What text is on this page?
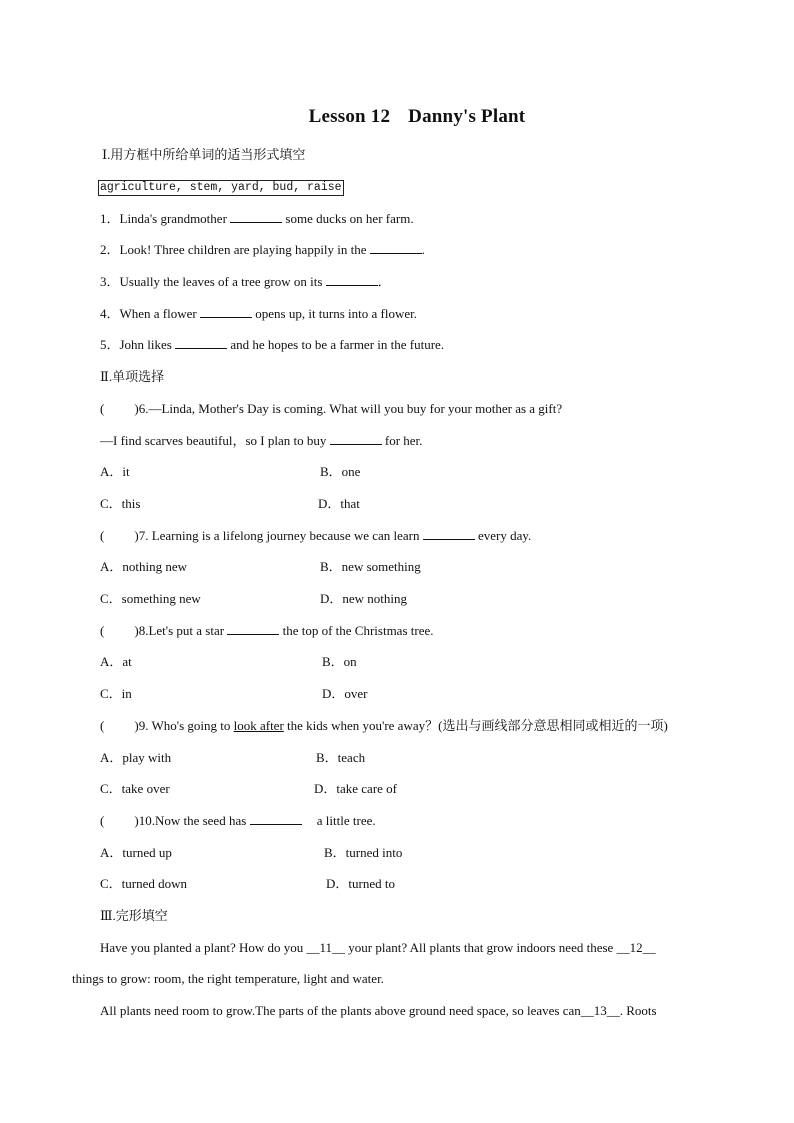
Lesson 12 Danny's Plant
Ⅰ.用方框中所给单词的适当形式填空
agriculture, stem, yard, bud, raise
1．Linda's grandmother	some ducks on her farm.
2．Look! Three children are playing happily in the	.
3．Usually the leaves of a tree grow on its	．
4．When a flower	opens up, it turns into a flower.
5．John likes	and he hopes to be a farmer in the future.
Ⅱ.单项选择
( )6.—Linda, Mother's Day is coming. What will you buy for your mother as a gift?
—I find scarves beautiful，so I plan to buy	for her.
A．it	B．one
C．this	D．that
( )7. Learning is a lifelong journey because we can learn	every day.
A．nothing new	B．new something
C．something new	D．new nothing
( )8.Let's put a star	the top of the Christmas tree.
A．at	B．on
C．in	D．over
( )9. Who's going to look after the kids when you're away？(选出与画线部分意思相同或相近的一项)
A．play with	B．teach
C．take over	D．take care of
( )10.Now the seed has	a little tree.
A．turned up	B．turned into
C．turned down	D．turned to
Ⅲ.完形填空
Have you planted a plant? How do you __11__ your plant? All plants that grow indoors need these __12__
things to grow: room, the right temperature, light and water.
All plants need room to grow.The parts of the plants above ground need space, so leaves can__13__. Roots
